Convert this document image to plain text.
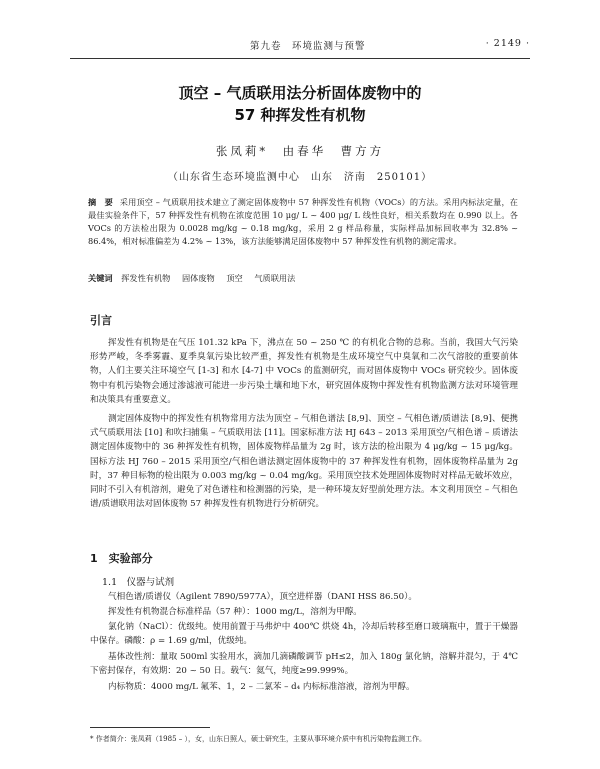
第九卷　环境监测与预警	· 2149 ·
顶空 – 气质联用法分析固体废物中的
57 种挥发性有机物
张凤莉*　由春华　曹方方
（山东省生态环境监测中心　山东　济南　250101）
摘　要 采用顶空 – 气质联用技术建立了测定固体废物中 57 种挥发性有机物（VOCs）的方法。采用内标法定量，在最佳实验条件下，57 种挥发性有机物在浓度范围 10 μg/ L ~ 400 μg/ L 线性良好，相关系数均在 0.990 以上。各 VOCs 的方法检出限为 0.0028 mg/kg ~ 0.18 mg/kg，采用 2 g 样品称量，实际样品加标回收率为 32.8% ~ 86.4%，相对标准偏差为 4.2% ~ 13%，该方法能够满足固体废物中 57 种挥发性有机物的测定需求。
关键词 挥发性有机物 固体废物 顶空 气质联用法
引言
挥发性有机物是在气压 101.32 kPa 下，沸点在 50 ~ 250 ℃ 的有机化合物的总称。当前，我国大气污染形势严峻，冬季雾霾、夏季臭氧污染比较严重，挥发性有机物是生成环境空气中臭氧和二次气溶胶的重要前体物，人们主要关注环境空气 [1-3] 和水 [4-7] 中 VOCs 的监测研究，而对固体废物中 VOCs 研究较少。固体废物中有机污染物会通过渗滤液可能进一步污染土壤和地下水，研究固体废物中挥发性有机物监测方法对环境管理和决策具有重要意义。
测定固体废物中的挥发性有机物常用方法为顶空 – 气相色谱法 [8,9]、顶空 – 气相色谱/质谱法 [8,9]、便携式气质联用法 [10] 和吹扫捕集 – 气质联用法 [11]。国家标准方法 HJ 643 – 2013 采用顶空/气相色谱 – 质谱法测定固体废物中的 36 种挥发性有机物，固体废物样品量为 2g 时，该方法的检出限为 4 μg/kg ~ 15 μg/kg。国标方法 HJ 760 – 2015 采用顶空/气相色谱法测定固体废物中的 37 种挥发性有机物，固体废物样品量为 2g 时，37 种目标物的检出限为 0.003 mg/kg ~ 0.04 mg/kg。采用顶空技术处理固体废物时对样品无破坏效应，同时不引入有机溶剂，避免了对色谱柱和检测器的污染，是一种环境友好型前处理方法。本文利用顶空 – 气相色谱/质谱联用法对固体废物 57 种挥发性有机物进行分析研究。
1　实验部分
1.1　仪器与试剂
气相色谱/质谱仪（Agilent 7890/5977A），顶空进样器（DANI HSS 86.50）。
挥发性有机物混合标准样品（57 种）：1000 mg/L，溶剂为甲醇。
氯化钠（NaCl）：优级纯。使用前置于马弗炉中 400℃ 烘烧 4h，冷却后转移至磨口玻璃瓶中，置于干燥器中保存。磷酸：ρ = 1.69 g/ml，优级纯。
基体改性剂：量取 500ml 实验用水，滴加几滴磷酸调节 pH≤2，加入 180g 氯化钠，溶解并混匀，于 4℃ 下密封保存，有效期：20 ~ 50 日。载气：氦气，纯度≥99.999%。
内标物质：4000 mg/L 氟苯、1，2 – 二氯苯 – d₄ 内标标准溶液，溶剂为甲醇。
* 作者简介：张凤莉（1985 – ），女，山东日照人，硕士研究生，主要从事环境介质中有机污染物监测工作。
